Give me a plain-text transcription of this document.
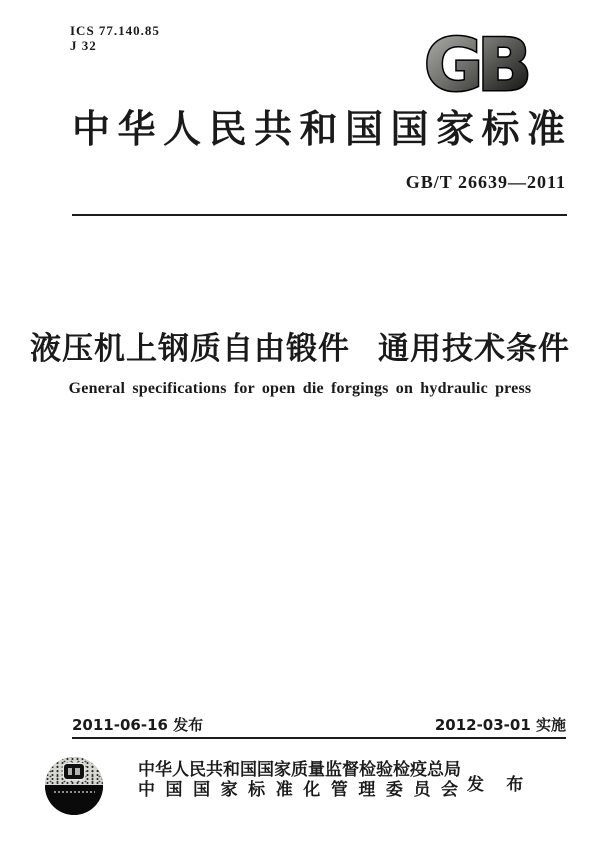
ICS 77.140.85
J 32	GB
中华人民共和国国家标准
GB/T 26639—2011
液压机上钢质自由锻件 通用技术条件
General specifications for open die forgings on hydraulic press
2011-06-16 发布	2012-03-01 实施
中华人民共和国国家质量监督检验检疫总局
中国国家标准化管理委员会 发 布
